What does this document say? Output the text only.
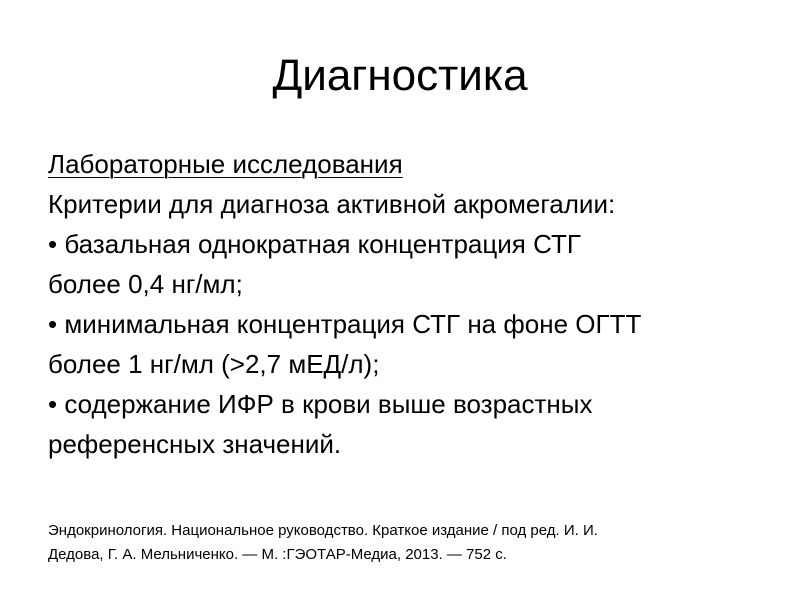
Диагностика

Лабораторные исследования

Критерии для диагноза активной акромегалии:

• базальная однократная концентрация СТГ

более 0,4 нг/мл;

• минимальная концентрация СТГ на фоне ОГТТ

более 1 нг/мл (>2,7 мЕД/л);

• содержание ИФР в крови выше возрастных

референсных значений.

Эндокринология. Национальное руководство. Краткое издание / под ред. И. И.

Дедова, Г. А. Мельниченко. — М. :ГЭОТАР-Медиа, 2013. — 752 с.
